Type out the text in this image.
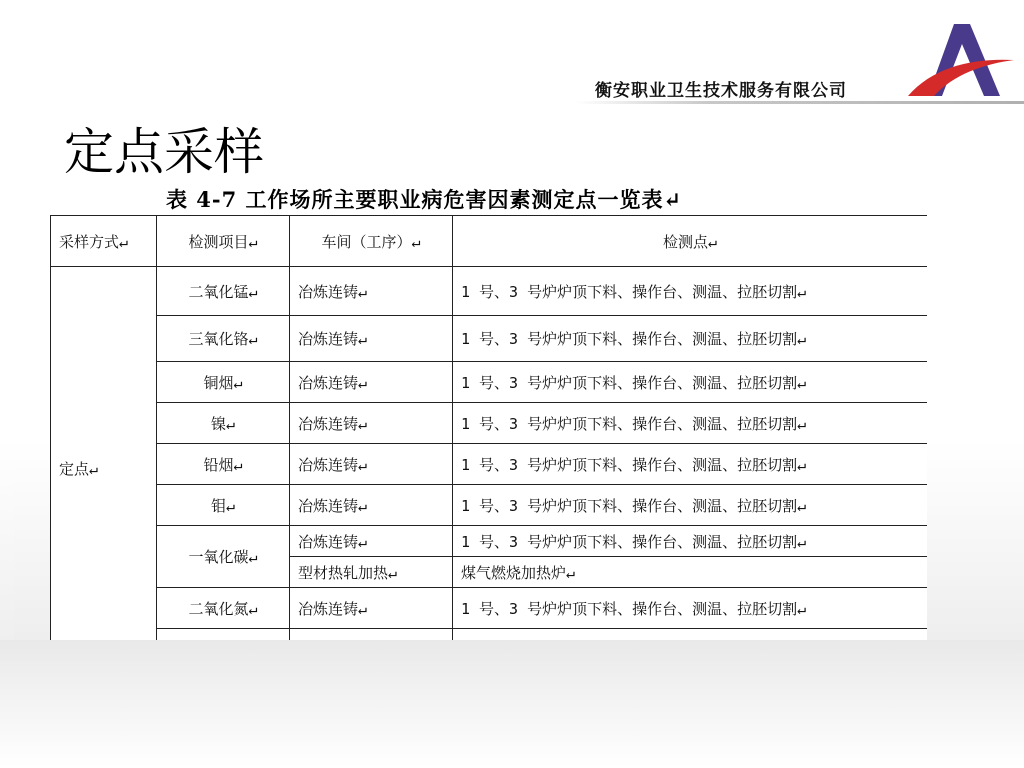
衡安职业卫生技术服务有限公司
定点采样
表 4-7 工作场所主要职业病危害因素测定点一览表↵
采样方式↵	检测项目↵	车间（工序）↵	检测点↵
定点↵	二氧化锰↵	冶炼连铸↵	1 号、3 号炉炉顶下料、操作台、测温、拉胚切割↵
	三氧化铬↵	冶炼连铸↵	1 号、3 号炉炉顶下料、操作台、测温、拉胚切割↵
	铜烟↵	冶炼连铸↵	1 号、3 号炉炉顶下料、操作台、测温、拉胚切割↵
	镍↵	冶炼连铸↵	1 号、3 号炉炉顶下料、操作台、测温、拉胚切割↵
	铅烟↵	冶炼连铸↵	1 号、3 号炉炉顶下料、操作台、测温、拉胚切割↵
	钼↵	冶炼连铸↵	1 号、3 号炉炉顶下料、操作台、测温、拉胚切割↵
	一氧化碳↵	冶炼连铸↵	1 号、3 号炉炉顶下料、操作台、测温、拉胚切割↵
		型材热轧加热↵	煤气燃烧加热炉↵
	二氧化氮↵	冶炼连铸↵	1 号、3 号炉炉顶下料、操作台、测温、拉胚切割↵
